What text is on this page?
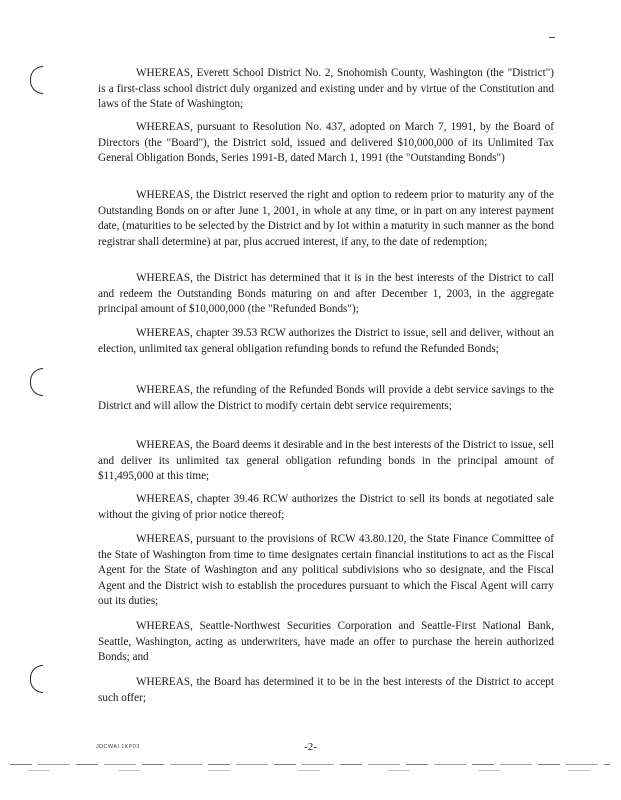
WHEREAS, Everett School District No. 2, Snohomish County, Washington (the "District") is a first-class school district duly organized and existing under and by virtue of the Constitution and laws of the State of Washington;

WHEREAS, pursuant to Resolution No. 437, adopted on March 7, 1991, by the Board of Directors (the "Board"), the District sold, issued and delivered $10,000,000 of its Unlimited Tax General Obligation Bonds, Series 1991-B, dated March 1, 1991 (the "Outstanding Bonds")

WHEREAS, the District reserved the right and option to redeem prior to maturity any of the Outstanding Bonds on or after June 1, 2001, in whole at any time, or in part on any interest payment date, (maturities to be selected by the District and by lot within a maturity in such manner as the bond registrar shall determine) at par, plus accrued interest, if any, to the date of redemption;

WHEREAS, the District has determined that it is in the best interests of the District to call and redeem the Outstanding Bonds maturing on and after December 1, 2003, in the aggregate principal amount of $10,000,000 (the "Refunded Bonds");

WHEREAS, chapter 39.53 RCW authorizes the District to issue, sell and deliver, without an election, unlimited tax general obligation refunding bonds to refund the Refunded Bonds;

WHEREAS, the refunding of the Refunded Bonds will provide a debt service savings to the District and will allow the District to modify certain debt service requirements;

WHEREAS, the Board deems it desirable and in the best interests of the District to issue, sell and deliver its unlimited tax general obligation refunding bonds in the principal amount of $11,495,000 at this time;

WHEREAS, chapter 39.46 RCW authorizes the District to sell its bonds at negotiated sale without the giving of prior notice thereof;

WHEREAS, pursuant to the provisions of RCW 43.80.120, the State Finance Committee of the State of Washington from time to time designates certain financial institutions to act as the Fiscal Agent for the State of Washington and any political subdivisions who so designate, and the Fiscal Agent and the District wish to establish the procedures pursuant to which the Fiscal Agent will carry out its duties;

WHEREAS, Seattle-Northwest Securities Corporation and Seattle-First National Bank, Seattle, Washington, acting as underwriters, have made an offer to purchase the herein authorized Bonds; and

WHEREAS, the Board has determined it to be in the best interests of the District to accept such offer;

JDCWAI.1KP03	-2-
